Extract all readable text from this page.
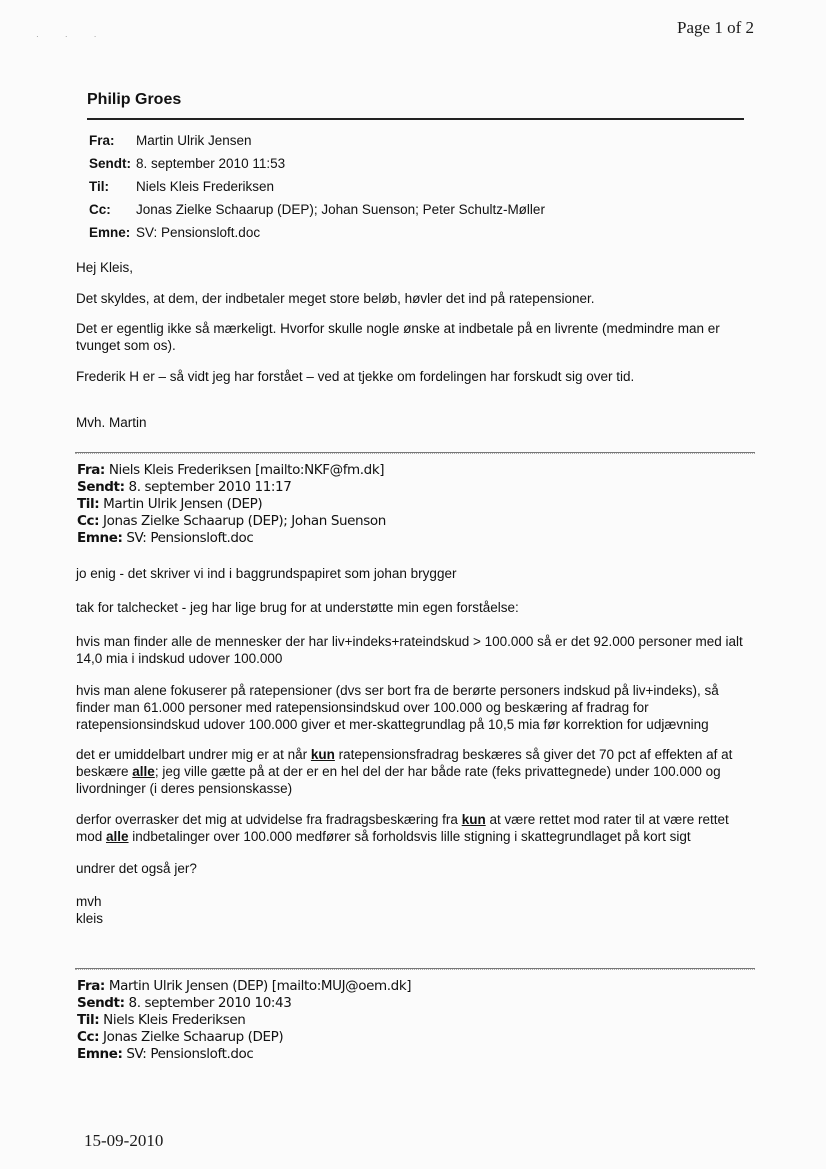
· · ·	Page 1 of 2
Philip Groes
Fra:	Martin Ulrik Jensen
Sendt: 8. september 2010 11:53
Til:	Niels Kleis Frederiksen
Cc:	Jonas Zielke Schaarup (DEP); Johan Suenson; Peter Schultz-Møller
Emne: SV: Pensionsloft.doc
Hej Kleis,
Det skyldes, at dem, der indbetaler meget store beløb, høvler det ind på ratepensioner.
Det er egentlig ikke så mærkeligt. Hvorfor skulle nogle ønske at indbetale på en livrente (medmindre man er tvunget som os).
Frederik H er – så vidt jeg har forstået – ved at tjekke om fordelingen har forskudt sig over tid.
Mvh. Martin
Fra: Niels Kleis Frederiksen [mailto:NKF@fm.dk]
Sendt: 8. september 2010 11:17
Til: Martin Ulrik Jensen (DEP)
Cc: Jonas Zielke Schaarup (DEP); Johan Suenson
Emne: SV: Pensionsloft.doc
jo enig - det skriver vi ind i baggrundspapiret som johan brygger
tak for talchecket - jeg har lige brug for at understøtte min egen forståelse:
hvis man finder alle de mennesker der har liv+indeks+rateindskud > 100.000 så er det 92.000 personer med ialt 14,0 mia i indskud udover 100.000
hvis man alene fokuserer på ratepensioner (dvs ser bort fra de berørte personers indskud på liv+indeks), så finder man 61.000 personer med ratepensionsindskud over 100.000 og beskæring af fradrag for ratepensionsindskud udover 100.000 giver et mer-skattegrundlag på 10,5 mia før korrektion for udjævning
det er umiddelbart undrer mig er at når kun ratepensionsfradrag beskæres så giver det 70 pct af effekten af at beskære alle; jeg ville gætte på at der er en hel del der har både rate (feks privattegnede) under 100.000 og livordninger (i deres pensionskasse)
derfor overrasker det mig at udvidelse fra fradragsbeskæring fra kun at være rettet mod rater til at være rettet mod alle indbetalinger over 100.000 medfører så forholdsvis lille stigning i skattegrundlaget på kort sigt
undrer det også jer?
mvh
kleis
Fra: Martin Ulrik Jensen (DEP) [mailto:MUJ@oem.dk]
Sendt: 8. september 2010 10:43
Til: Niels Kleis Frederiksen
Cc: Jonas Zielke Schaarup (DEP)
Emne: SV: Pensionsloft.doc
15-09-2010
